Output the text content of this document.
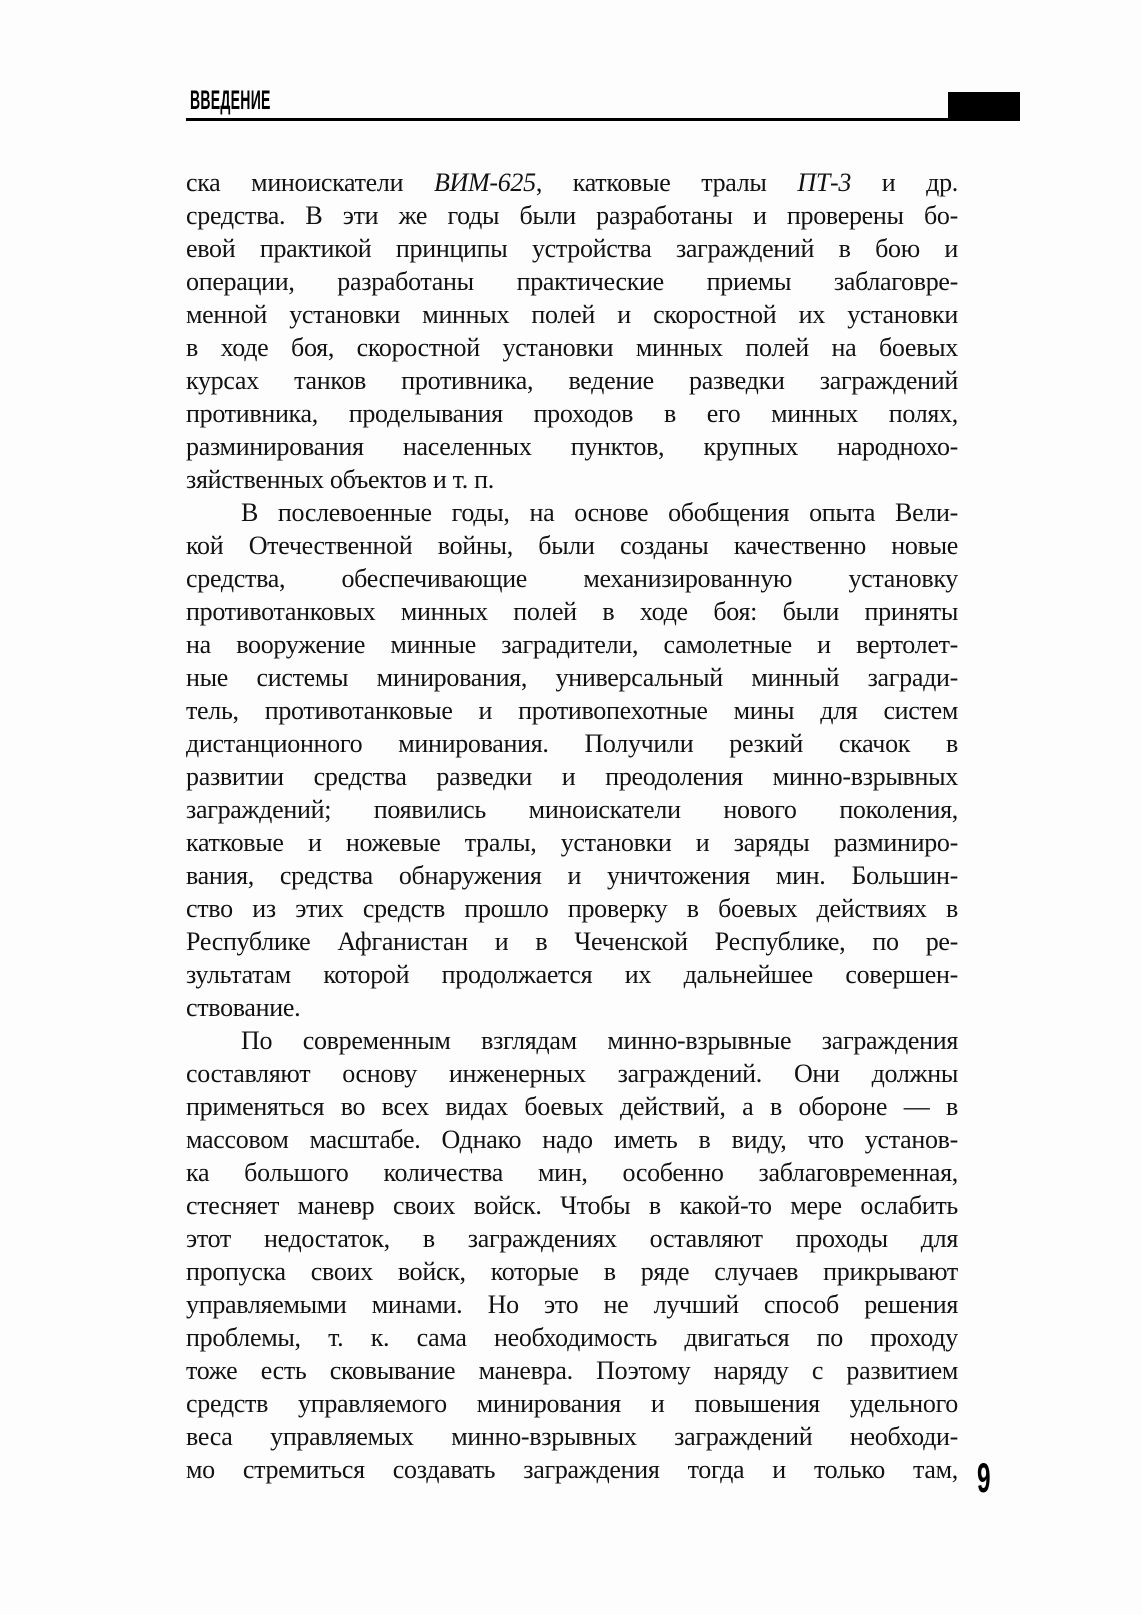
ВВЕДЕНИЕ
ска миноискатели ВИМ-625, катковые тралы ПТ-3 и др.
средства. В эти же годы были разработаны и проверены бо-
евой практикой принципы устройства заграждений в бою и
операции, разработаны практические приемы заблаговре-
менной установки минных полей и скоростной их установки
в ходе боя, скоростной установки минных полей на боевых
курсах танков противника, ведение разведки заграждений
противника, проделывания проходов в его минных полях,
разминирования населенных пунктов, крупных народнохо-
зяйственных объектов и т. п.
В послевоенные годы, на основе обобщения опыта Вели-
кой Отечественной войны, были созданы качественно новые
средства, обеспечивающие механизированную установку
противотанковых минных полей в ходе боя: были приняты
на вооружение минные заградители, самолетные и вертолет-
ные системы минирования, универсальный минный загради-
тель, противотанковые и противопехотные мины для систем
дистанционного минирования. Получили резкий скачок в
развитии средства разведки и преодоления минно-взрывных
заграждений; появились миноискатели нового поколения,
катковые и ножевые тралы, установки и заряды разминиро-
вания, средства обнаружения и уничтожения мин. Большин-
ство из этих средств прошло проверку в боевых действиях в
Республике Афганистан и в Чеченской Республике, по ре-
зультатам которой продолжается их дальнейшее совершен-
ствование.
По современным взглядам минно-взрывные заграждения
составляют основу инженерных заграждений. Они должны
применяться во всех видах боевых действий, а в обороне — в
массовом масштабе. Однако надо иметь в виду, что установ-
ка большого количества мин, особенно заблаговременная,
стесняет маневр своих войск. Чтобы в какой-то мере ослабить
этот недостаток, в заграждениях оставляют проходы для
пропуска своих войск, которые в ряде случаев прикрывают
управляемыми минами. Но это не лучший способ решения
проблемы, т. к. сама необходимость двигаться по проходу
тоже есть сковывание маневра. Поэтому наряду с развитием
средств управляемого минирования и повышения удельного
веса управляемых минно-взрывных заграждений необходи-
мо стремиться создавать заграждения тогда и только там, 9
